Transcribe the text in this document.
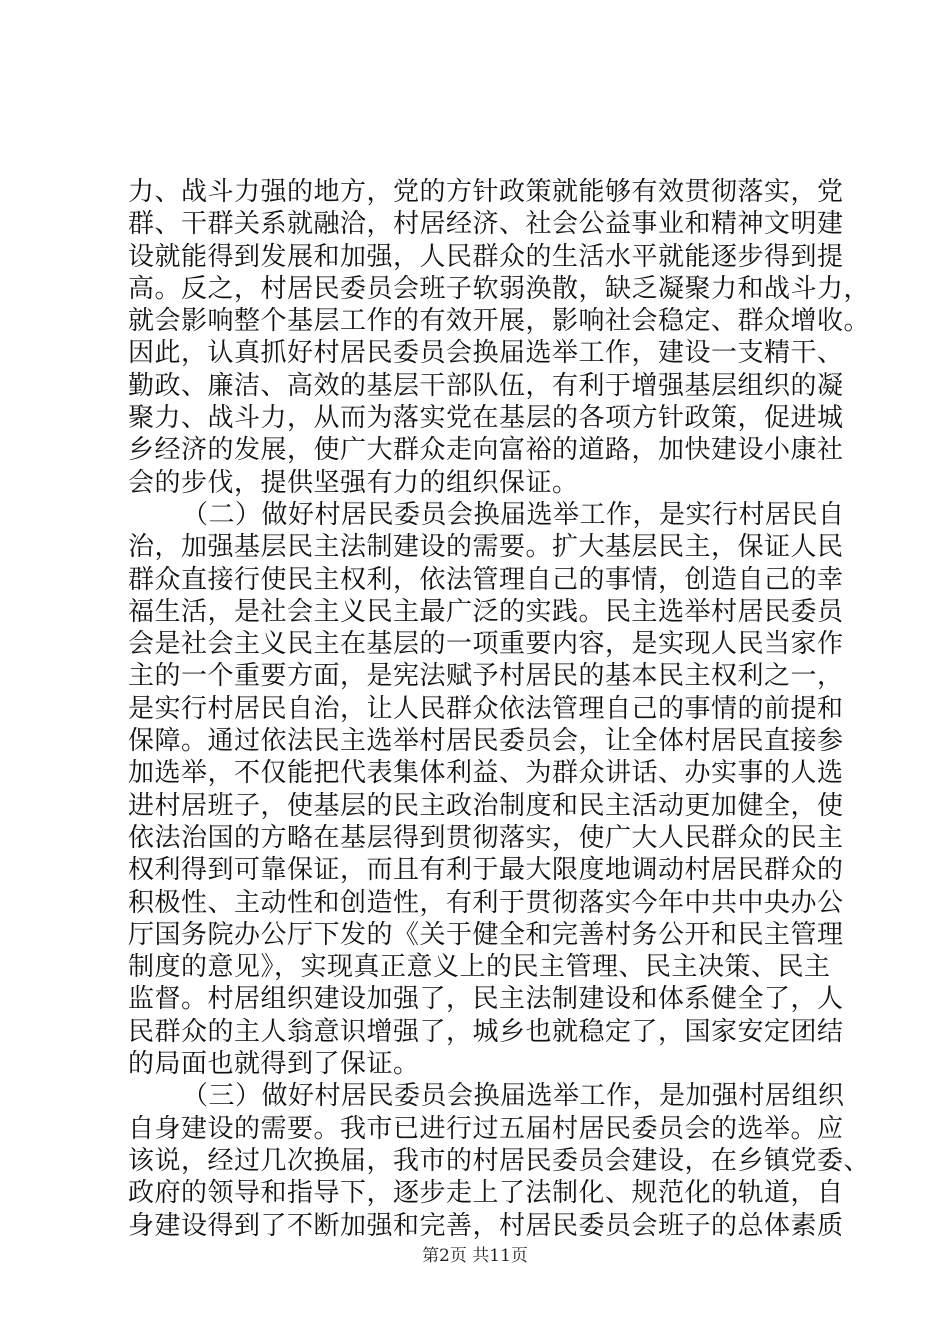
力、战斗力强的地方，党的方针政策就能够有效贯彻落实，党
群、干群关系就融洽，村居经济、社会公益事业和精神文明建
设就能得到发展和加强，人民群众的生活水平就能逐步得到提
高。反之，村居民委员会班子软弱涣散，缺乏凝聚力和战斗力，
就会影响整个基层工作的有效开展，影响社会稳定、群众增收。
因此，认真抓好村居民委员会换届选举工作，建设一支精干、
勤政、廉洁、高效的基层干部队伍，有利于增强基层组织的凝
聚力、战斗力，从而为落实党在基层的各项方针政策，促进城
乡经济的发展，使广大群众走向富裕的道路，加快建设小康社
会的步伐，提供坚强有力的组织保证。
（二）做好村居民委员会换届选举工作，是实行村居民自
治，加强基层民主法制建设的需要。扩大基层民主，保证人民
群众直接行使民主权利，依法管理自己的事情，创造自己的幸
福生活，是社会主义民主最广泛的实践。民主选举村居民委员
会是社会主义民主在基层的一项重要内容，是实现人民当家作
主的一个重要方面，是宪法赋予村居民的基本民主权利之一，
是实行村居民自治，让人民群众依法管理自己的事情的前提和
保障。通过依法民主选举村居民委员会，让全体村居民直接参
加选举，不仅能把代表集体利益、为群众讲话、办实事的人选
进村居班子，使基层的民主政治制度和民主活动更加健全，使
依法治国的方略在基层得到贯彻落实，使广大人民群众的民主
权利得到可靠保证，而且有利于最大限度地调动村居民群众的
积极性、主动性和创造性，有利于贯彻落实今年中共中央办公
厅国务院办公厅下发的《关于健全和完善村务公开和民主管理
制度的意见》，实现真正意义上的民主管理、民主决策、民主
监督。村居组织建设加强了，民主法制建设和体系健全了，人
民群众的主人翁意识增强了，城乡也就稳定了，国家安定团结
的局面也就得到了保证。
（三）做好村居民委员会换届选举工作，是加强村居组织
自身建设的需要。我市已进行过五届村居民委员会的选举。应
该说，经过几次换届，我市的村居民委员会建设，在乡镇党委、
政府的领导和指导下，逐步走上了法制化、规范化的轨道，自
身建设得到了不断加强和完善，村居民委员会班子的总体素质
第2页 共11页
